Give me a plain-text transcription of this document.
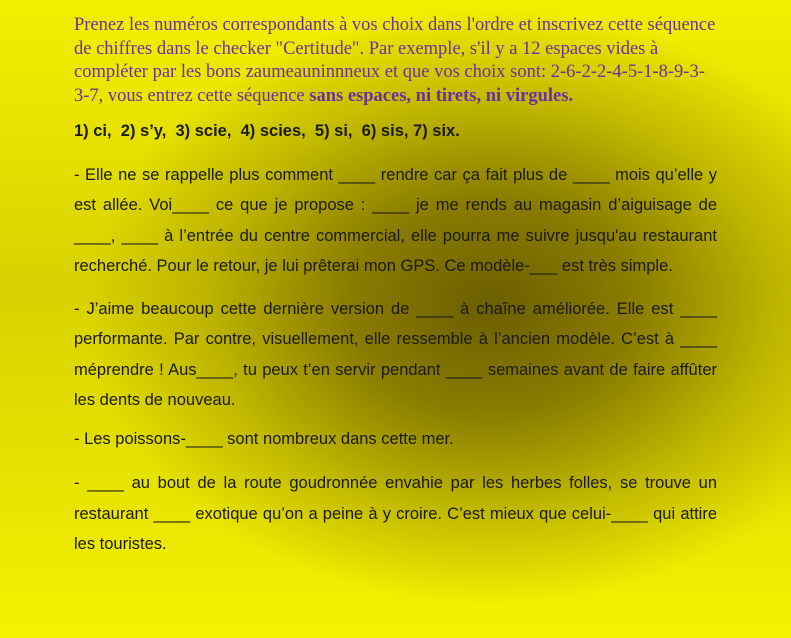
Prenez les numéros correspondants à vos choix dans l'ordre et inscrivez cette séquence de chiffres dans le checker "Certitude". Par exemple, s'il y a 12 espaces vides à compléter par les bons zaumeauninnneux et que vos choix sont: 2-6-2-2-4-5-1-8-9-3-3-7, vous entrez cette séquence sans espaces, ni tirets, ni virgules.

1) ci,  2) s’y,  3) scie,  4) scies,  5) si,  6) sis, 7) six.

- Elle ne se rappelle plus comment ____ rendre car ça fait plus de ____ mois qu’elle y est allée. Voi____ ce que je propose : ____ je me rends au magasin d’aiguisage de ____, ____ à l’entrée du centre commercial, elle pourra me suivre jusqu'au restaurant recherché. Pour le retour, je lui prêterai mon GPS. Ce modèle-___ est très simple.

- J’aime beaucoup cette dernière version de ____ à chaîne améliorée. Elle est ____ performante. Par contre, visuellement, elle ressemble à l’ancien modèle. C’est à ____ méprendre ! Aus____, tu peux t’en servir pendant ____ semaines avant de faire affûter les dents de nouveau.

- Les poissons-____ sont nombreux dans cette mer.

- ____ au bout de la route goudronnée envahie par les herbes folles, se trouve un restaurant ____ exotique qu’on a peine à y croire. C’est mieux que celui-____ qui attire les touristes.
